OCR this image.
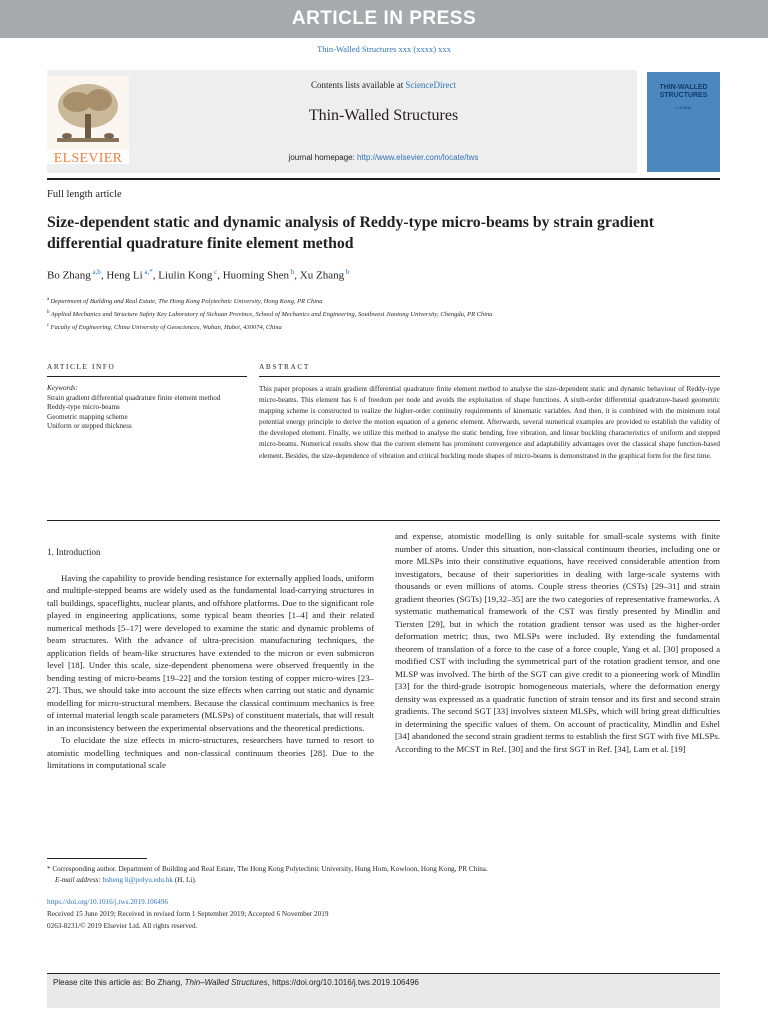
ARTICLE IN PRESS
Thin-Walled Structures xxx (xxxx) xxx
ELSEVIER
Contents lists available at ScienceDirect
Thin-Walled Structures
journal homepage: http://www.elsevier.com/locate/tws
THIN-WALLED
STRUCTURES
Y. ZHANG
Full length article
Size-dependent static and dynamic analysis of Reddy-type micro-beams by strain gradient differential quadrature finite element method
Bo Zhang $^{a,b}$, Heng Li $^{a,*}$, Liulin Kong $^c$, Huoming Shen $^b$, Xu Zhang $^b$
$^a$ Department of Building and Real Estate, The Hong Kong Polytechnic University, Hong Kong, PR China
$^b$ Applied Mechanics and Structure Safety Key Laboratory of Sichuan Province, School of Mechanics and Engineering, Southwest Jiaotong University, Chengdu, PR China
$^c$ Faculty of Engineering, China University of Geosciences, Wuhan, Hubei, 430074, China
ARTICLE INFO	ABSTRACT
Keywords:
Strain gradient differential quadrature finite element method
Reddy-type micro-beams
Geometric mapping scheme
Uniform or stepped thickness
This paper proposes a strain gradient differential quadrature finite element method to analyse the size-dependent static and dynamic behaviour of Reddy-type micro-beams. This element has 6 of freedom per node and avoids the exploitation of shape functions. A sixth-order differential quadrature-based geometric mapping scheme is constructed to realize the higher-order continuity requirements of kinematic variables. And then, it is combined with the minimum total potential energy principle to derive the motion equation of a generic element. Afterwards, several numerical examples are provided to establish the validity of the developed element. Finally, we utilize this method to analyse the static bending, free vibration, and linear buckling characteristics of uniform and stepped micro-beams. Numerical results show that the current element has prominent convergence and adaptability advantages over the classical shape function-based element. Besides, the size-dependence of vibration and critical buckling mode shapes of micro-beams is demonstrated in the graphical form for the first time.
1. Introduction

Having the capability to provide bending resistance for externally applied loads, uniform and multiple-stepped beams are widely used as the fundamental load-carrying structures in tall buildings, spaceflights, nuclear plants, and offshore platforms. Due to the significant role played in engineering applications, some typical beam theories [1–4] and their related numerical methods [5–17] were developed to examine the static and dynamic problems of beam structures. With the advance of ultra-precision manufacturing techniques, the application fields of beam-like structures have extended to the micron or even submicron level [18]. Under this scale, size-dependent phenomena were observed frequently in the bending testing of micro-beams [19–22] and the torsion testing of copper micro-wires [23–27]. Thus, we should take into account the size effects when carring out static and dynamic modelling for micro-structural members. Because the classical continuum mechanics is free of internal material length scale parameters (MLSPs) of constituent materials, that will result in an inconsistency between the experimental observations and the theoretical predictions.

To elucidate the size effects in micro-structures, researchers have turned to resort to atomistic modelling techniques and non-classical continuum theories [28]. Due to the limitations in computational scale

and expense, atomistic modelling is only suitable for small-scale systems with finite number of atoms. Under this situation, non-classical continuum theories, including one or more MLSPs into their constitutive equations, have received considerable attention from investigators, because of their superiorities in dealing with large-scale systems with thousands or even millions of atoms. Couple stress theories (CSTs) [29–31] and strain gradient theories (SGTs) [19,32–35] are the two categories of representative frameworks. A systematic mathematical framework of the CST was firstly presented by Mindlin and Tiersten [29], but in which the rotation gradient tensor was used as the higher-order deformation metric; thus, two MLSPs were included. By extending the fundamental theorem of translation of a force to the case of a force couple, Yang et al. [30] proposed a modified CST with including the symmetrical part of the rotation gradient tensor, and one MLSP was involved. The birth of the SGT can give credit to a pioneering work of Mindlin [33] for the third-grade isotropic homogeneous materials, where the deformation energy density was expressed as a quadratic function of strain tensor and its first and second strain gradients. The second SGT [33] involves sixteen MLSPs, which will bring great difficulties in determining the specific values of them. On account of practicality, Mindlin and Eshel [34] abandoned the second strain gradient terms to establish the first SGT with five MLSPs. According to the MCST in Ref. [30] and the first SGT in Ref. [34], Lam et al. [19]

* Corresponding author. Department of Building and Real Estate, The Hong Kong Polytechnic University, Hung Hom, Kowloon, Hong Kong, PR China.
E-mail address: bsheng li@polyu.edu.hk (H. Li).
https://doi.org/10.1016/j.tws.2019.106496
Received 15 June 2019; Received in revised form 1 September 2019; Accepted 6 November 2019
0263-8231/© 2019 Elsevier Ltd. All rights reserved.
Please cite this article as: Bo Zhang, Thin–Walled Structures, https://doi.org/10.1016/j.tws.2019.106496
